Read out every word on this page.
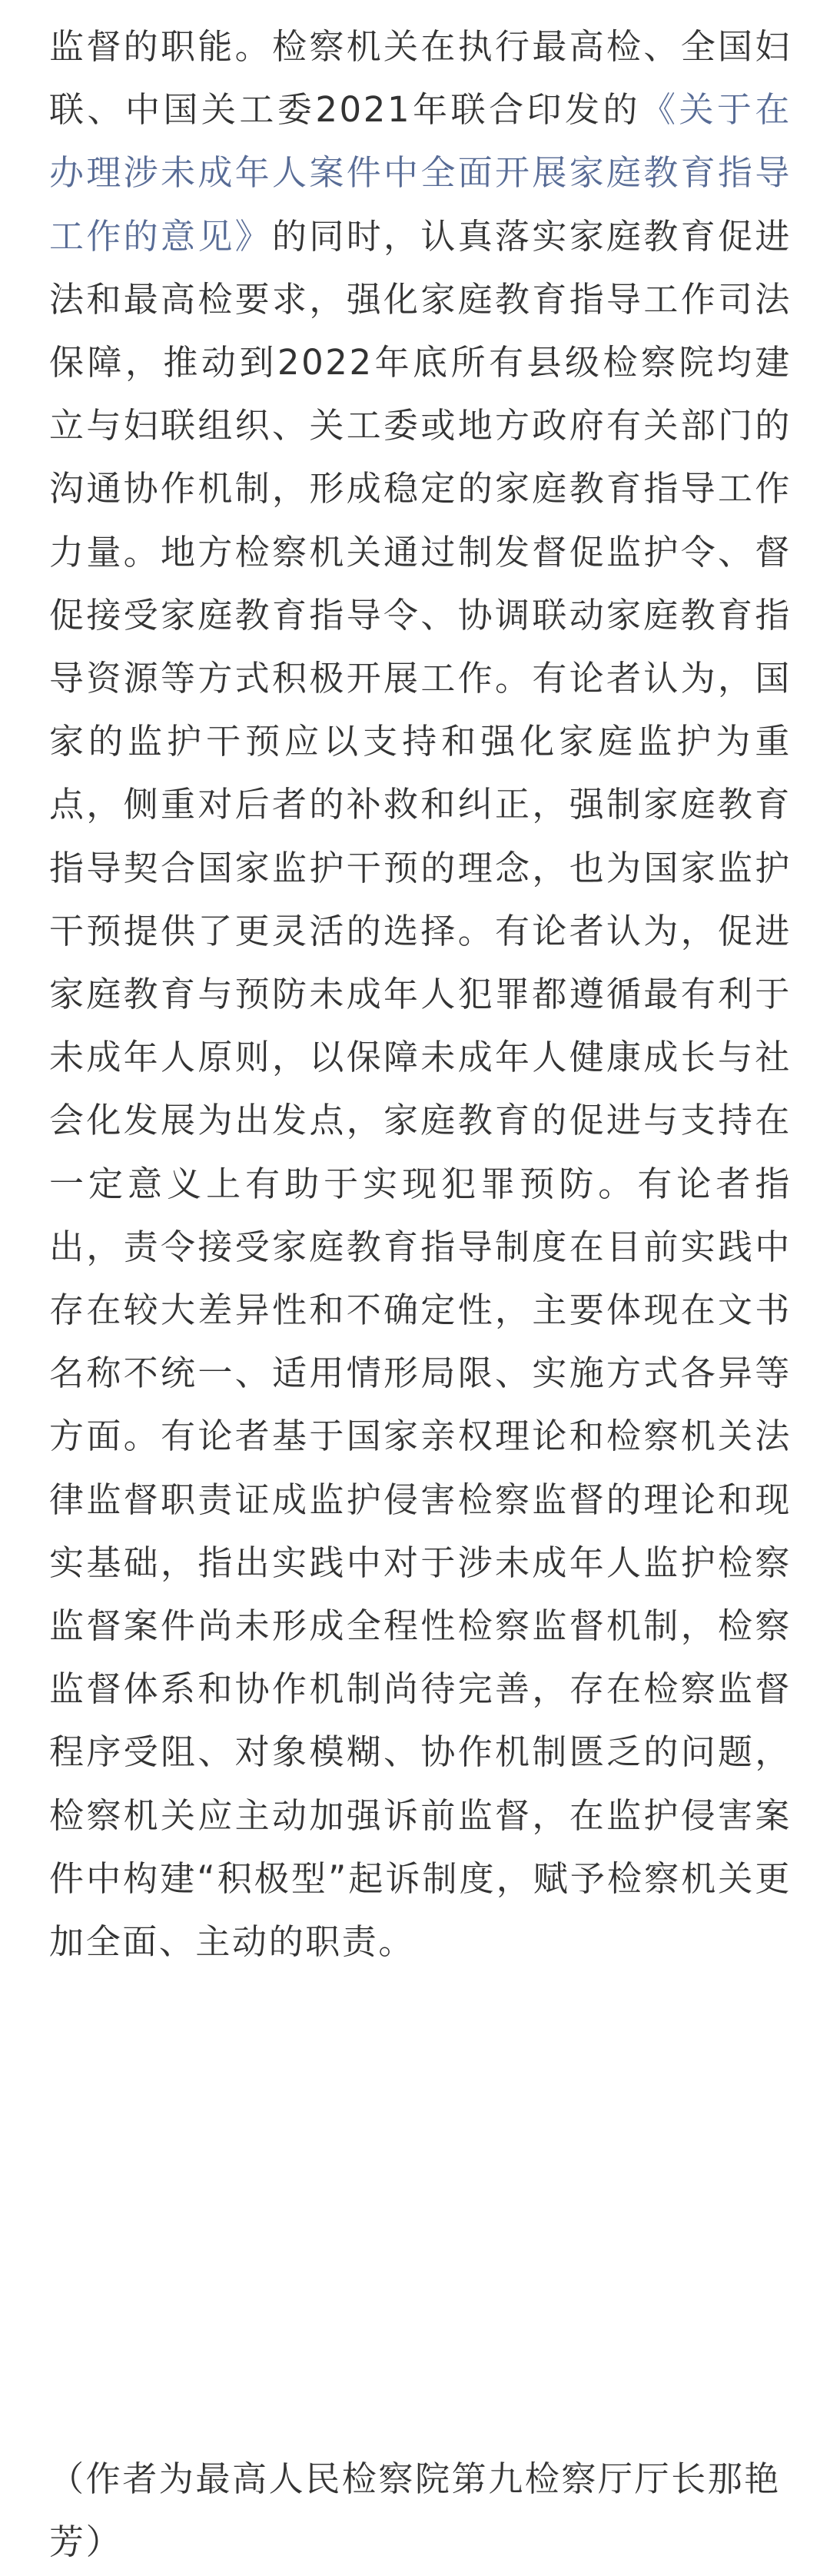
监督的职能。检察机关在执行最高检、全国妇联、中国关工委2021年联合印发的《关于在办理涉未成年人案件中全面开展家庭教育指导工作的意见》的同时，认真落实家庭教育促进法和最高检要求，强化家庭教育指导工作司法保障，推动到2022年底所有县级检察院均建立与妇联组织、关工委或地方政府有关部门的沟通协作机制，形成稳定的家庭教育指导工作力量。地方检察机关通过制发督促监护令、督促接受家庭教育指导令、协调联动家庭教育指导资源等方式积极开展工作。有论者认为，国家的监护干预应以支持和强化家庭监护为重点，侧重对后者的补救和纠正，强制家庭教育指导契合国家监护干预的理念，也为国家监护干预提供了更灵活的选择。有论者认为，促进家庭教育与预防未成年人犯罪都遵循最有利于未成年人原则，以保障未成年人健康成长与社会化发展为出发点，家庭教育的促进与支持在一定意义上有助于实现犯罪预防。有论者指出，责令接受家庭教育指导制度在目前实践中存在较大差异性和不确定性，主要体现在文书名称不统一、适用情形局限、实施方式各异等方面。有论者基于国家亲权理论和检察机关法律监督职责证成监护侵害检察监督的理论和现实基础，指出实践中对于涉未成年人监护检察监督案件尚未形成全程性检察监督机制，检察监督体系和协作机制尚待完善，存在检察监督程序受阻、对象模糊、协作机制匮乏的问题，检察机关应主动加强诉前监督，在监护侵害案件中构建“积极型”起诉制度，赋予检察机关更加全面、主动的职责。

（作者为最高人民检察院第九检察厅厅长那艳芳）
